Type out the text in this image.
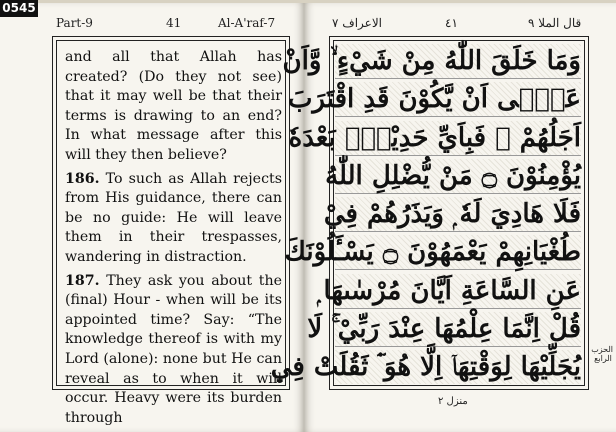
0545
Part-9	41	Al-A'raf-7

and all that Allah has created? (Do they not see) that it may well be that their terms is drawing to an end? In what message after this will they then believe?

186. To such as Allah rejects from His guidance, there can be no guide: He will leave them in their trespasses, wandering in distraction.

187. They ask you about the (final) Hour - when will be its appointed time? Say: “The knowledge thereof is with my Lord (alone): none but He can reveal as to when it will occur. Heavy were its burden through

الاعراف ٧	٤١	قال الملا ٩
وَمَا خَلَقَ اللّٰهُ مِنْ شَيْءٍ ۙ وَّاَنْ
عَسٰۤى اَنْ يَّكُوْنَ قَدِ اقْتَرَبَ
اَجَلُهُمْ ۚ فَبِاَيِّ حَدِيْثٍۭ بَعْدَهٗ
يُؤْمِنُوْنَ ۝ مَنْ يُّضْلِلِ اللّٰهُ
فَلَا هَادِيَ لَهٗ ۭ وَيَذَرُهُمْ فِيْ
طُغْيَانِهِمْ يَعْمَهُوْنَ ۝ يَسْـَٔلُوْنَكَ
عَنِ السَّاعَةِ اَيَّانَ مُرْسٰىهَا ۭ
قُلْ اِنَّمَا عِلْمُهَا عِنْدَ رَبِّيْ ۚ لَا
يُجَلِّيْهَا لِوَقْتِهَاۤ اِلَّا هُوَ ۘؔ ثَقُلَتْ فِي
الحزب الرابع
منزل ٢
